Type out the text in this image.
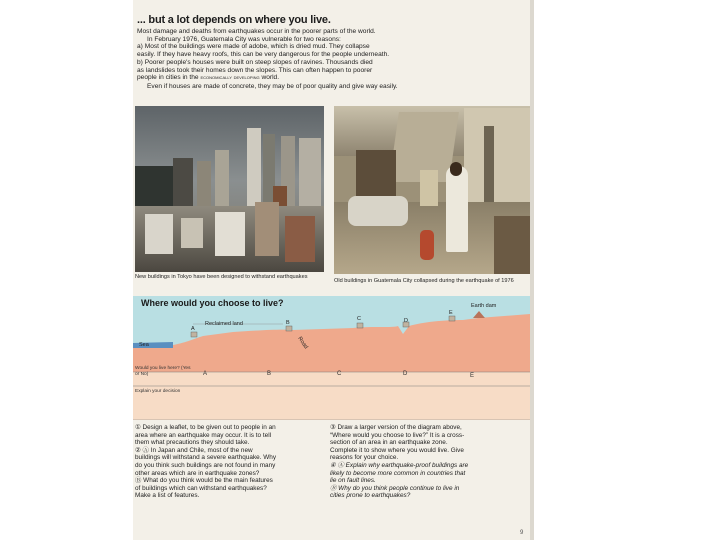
... but a lot depends on where you live.

Most damage and deaths from earthquakes occur in the poorer parts of the world.

In February 1976, Guatemala City was vulnerable for two reasons:

a) Most of the buildings were made of adobe, which is dried mud. They collapse

easily. If they have heavy roofs, this can be very dangerous for the people underneath.

b) Poorer people's houses were built on steep slopes of ravines. Thousands died

as landslides took their homes down the slopes. This can often happen to poorer

people in cities in the economically developing world.

Even if houses are made of concrete, they may be of poor quality and give way easily.

New buildings in Tokyo have been designed to withstand earthquakes
Old buildings in Guatemala City collapsed during the earthquake of 1976
Where would you choose to live?
Reclaimed land
Earth dam
Sea	Road
A
B
C	D
E
Would you live here? (Yes or No)
Explain your decision
A	B	C	D	E

① Design a leaflet, to be given out to people in an

area where an earthquake may occur. It is to tell

them what precautions they should take.

② Ⓐ In Japan and Chile, most of the new

buildings will withstand a severe earthquake. Why

do you think such buildings are not found in many

other areas which are in earthquake zones?

Ⓑ What do you think would be the main features

of buildings which can withstand earthquakes?

Make a list of features.

③ Draw a larger version of the diagram above,

“Where would you choose to live?” It is a cross-

section of an area in an earthquake zone.

Complete it to show where you would live. Give

reasons for your choice.

④ Ⓐ Explain why earthquake-proof buildings are

likely to become more common in countries that

lie on fault lines.

Ⓑ Why do you think people continue to live in

cities prone to earthquakes?

9
